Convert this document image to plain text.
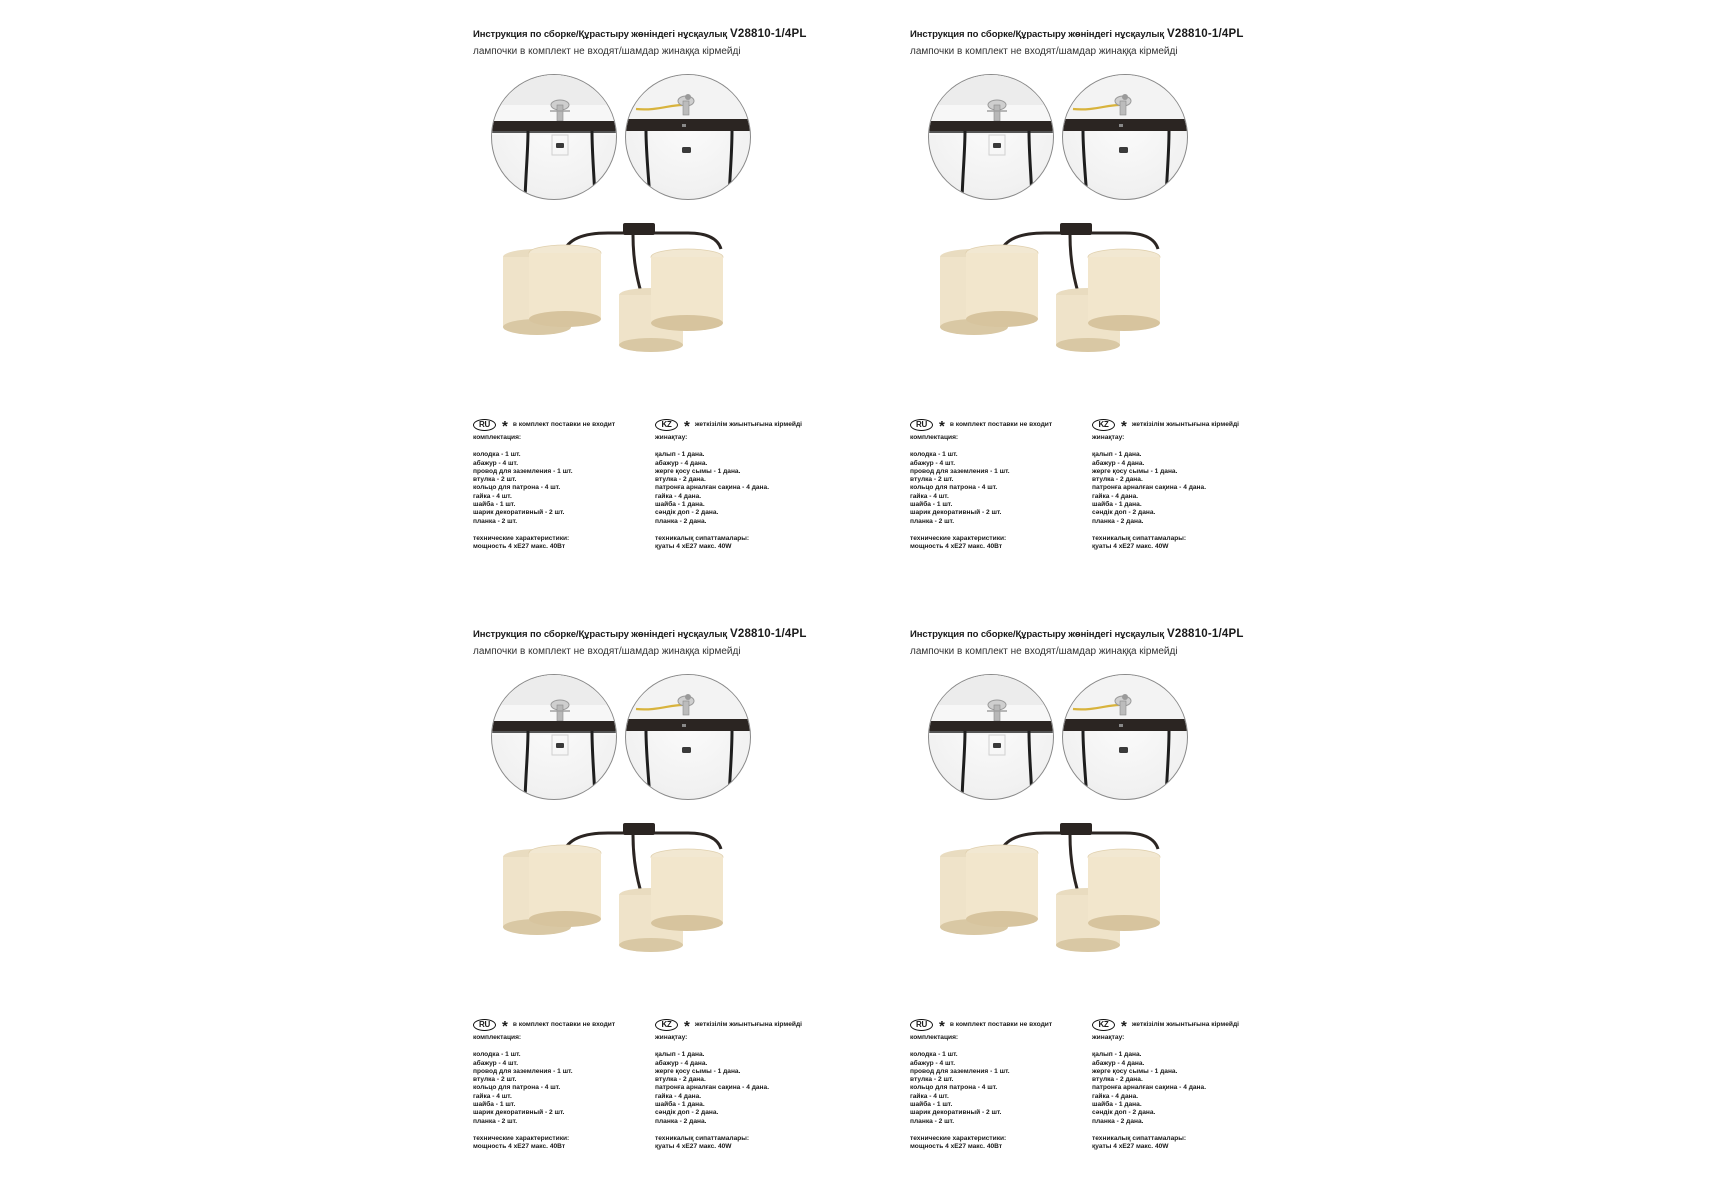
Инструкция по сборке/Құрастыру жөніндегі нұсқаулық V28810-1/4PL
лампочки в комплект не входят/шамдар жинаққа кірмейді
RU * в комплект поставки не входит
комплектация:
колодка - 1 шт.
абажур - 4 шт.
провод для заземления - 1 шт.
втулка - 2 шт.
кольцо для патрона - 4 шт.
гайка - 4 шт.
шайба - 1 шт.
шарик декоративный - 2 шт.
планка - 2 шт.
технические характеристики:
мощность 4 хЕ27 макс. 40Вт
KZ * жеткізілім жиынтығына кірмейді
жинақтау:
қалып - 1 дана.
абажур - 4 дана.
жерге қосу сымы - 1 дана.
втулка - 2 дана.
патронға арналған сақина - 4 дана.
гайка - 4 дана.
шайба - 1 дана.
сәндік доп - 2 дана.
планка - 2 дана.
техникалық сипаттамалары:
қуаты 4 хЕ27 макс. 40W
Инструкция по сборке/Құрастыру жөніндегі нұсқаулық V28810-1/4PL
лампочки в комплект не входят/шамдар жинаққа кірмейді
RU * в комплект поставки не входит
комплектация:
колодка - 1 шт.
абажур - 4 шт.
провод для заземления - 1 шт.
втулка - 2 шт.
кольцо для патрона - 4 шт.
гайка - 4 шт.
шайба - 1 шт.
шарик декоративный - 2 шт.
планка - 2 шт.
технические характеристики:
мощность 4 хЕ27 макс. 40Вт
KZ * жеткізілім жиынтығына кірмейді
жинақтау:
қалып - 1 дана.
абажур - 4 дана.
жерге қосу сымы - 1 дана.
втулка - 2 дана.
патронға арналған сақина - 4 дана.
гайка - 4 дана.
шайба - 1 дана.
сәндік доп - 2 дана.
планка - 2 дана.
техникалық сипаттамалары:
қуаты 4 хЕ27 макс. 40W
Инструкция по сборке/Құрастыру жөніндегі нұсқаулық V28810-1/4PL
лампочки в комплект не входят/шамдар жинаққа кірмейді
RU * в комплект поставки не входит
комплектация:
колодка - 1 шт.
абажур - 4 шт.
провод для заземления - 1 шт.
втулка - 2 шт.
кольцо для патрона - 4 шт.
гайка - 4 шт.
шайба - 1 шт.
шарик декоративный - 2 шт.
планка - 2 шт.
технические характеристики:
мощность 4 хЕ27 макс. 40Вт
KZ * жеткізілім жиынтығына кірмейді
жинақтау:
қалып - 1 дана.
абажур - 4 дана.
жерге қосу сымы - 1 дана.
втулка - 2 дана.
патронға арналған сақина - 4 дана.
гайка - 4 дана.
шайба - 1 дана.
сәндік доп - 2 дана.
планка - 2 дана.
техникалық сипаттамалары:
қуаты 4 хЕ27 макс. 40W
Инструкция по сборке/Құрастыру жөніндегі нұсқаулық V28810-1/4PL
лампочки в комплект не входят/шамдар жинаққа кірмейді
RU * в комплект поставки не входит
комплектация:
колодка - 1 шт.
абажур - 4 шт.
провод для заземления - 1 шт.
втулка - 2 шт.
кольцо для патрона - 4 шт.
гайка - 4 шт.
шайба - 1 шт.
шарик декоративный - 2 шт.
планка - 2 шт.
технические характеристики:
мощность 4 хЕ27 макс. 40Вт
KZ * жеткізілім жиынтығына кірмейді
жинақтау:
қалып - 1 дана.
абажур - 4 дана.
жерге қосу сымы - 1 дана.
втулка - 2 дана.
патронға арналған сақина - 4 дана.
гайка - 4 дана.
шайба - 1 дана.
сәндік доп - 2 дана.
планка - 2 дана.
техникалық сипаттамалары:
қуаты 4 хЕ27 макс. 40W
